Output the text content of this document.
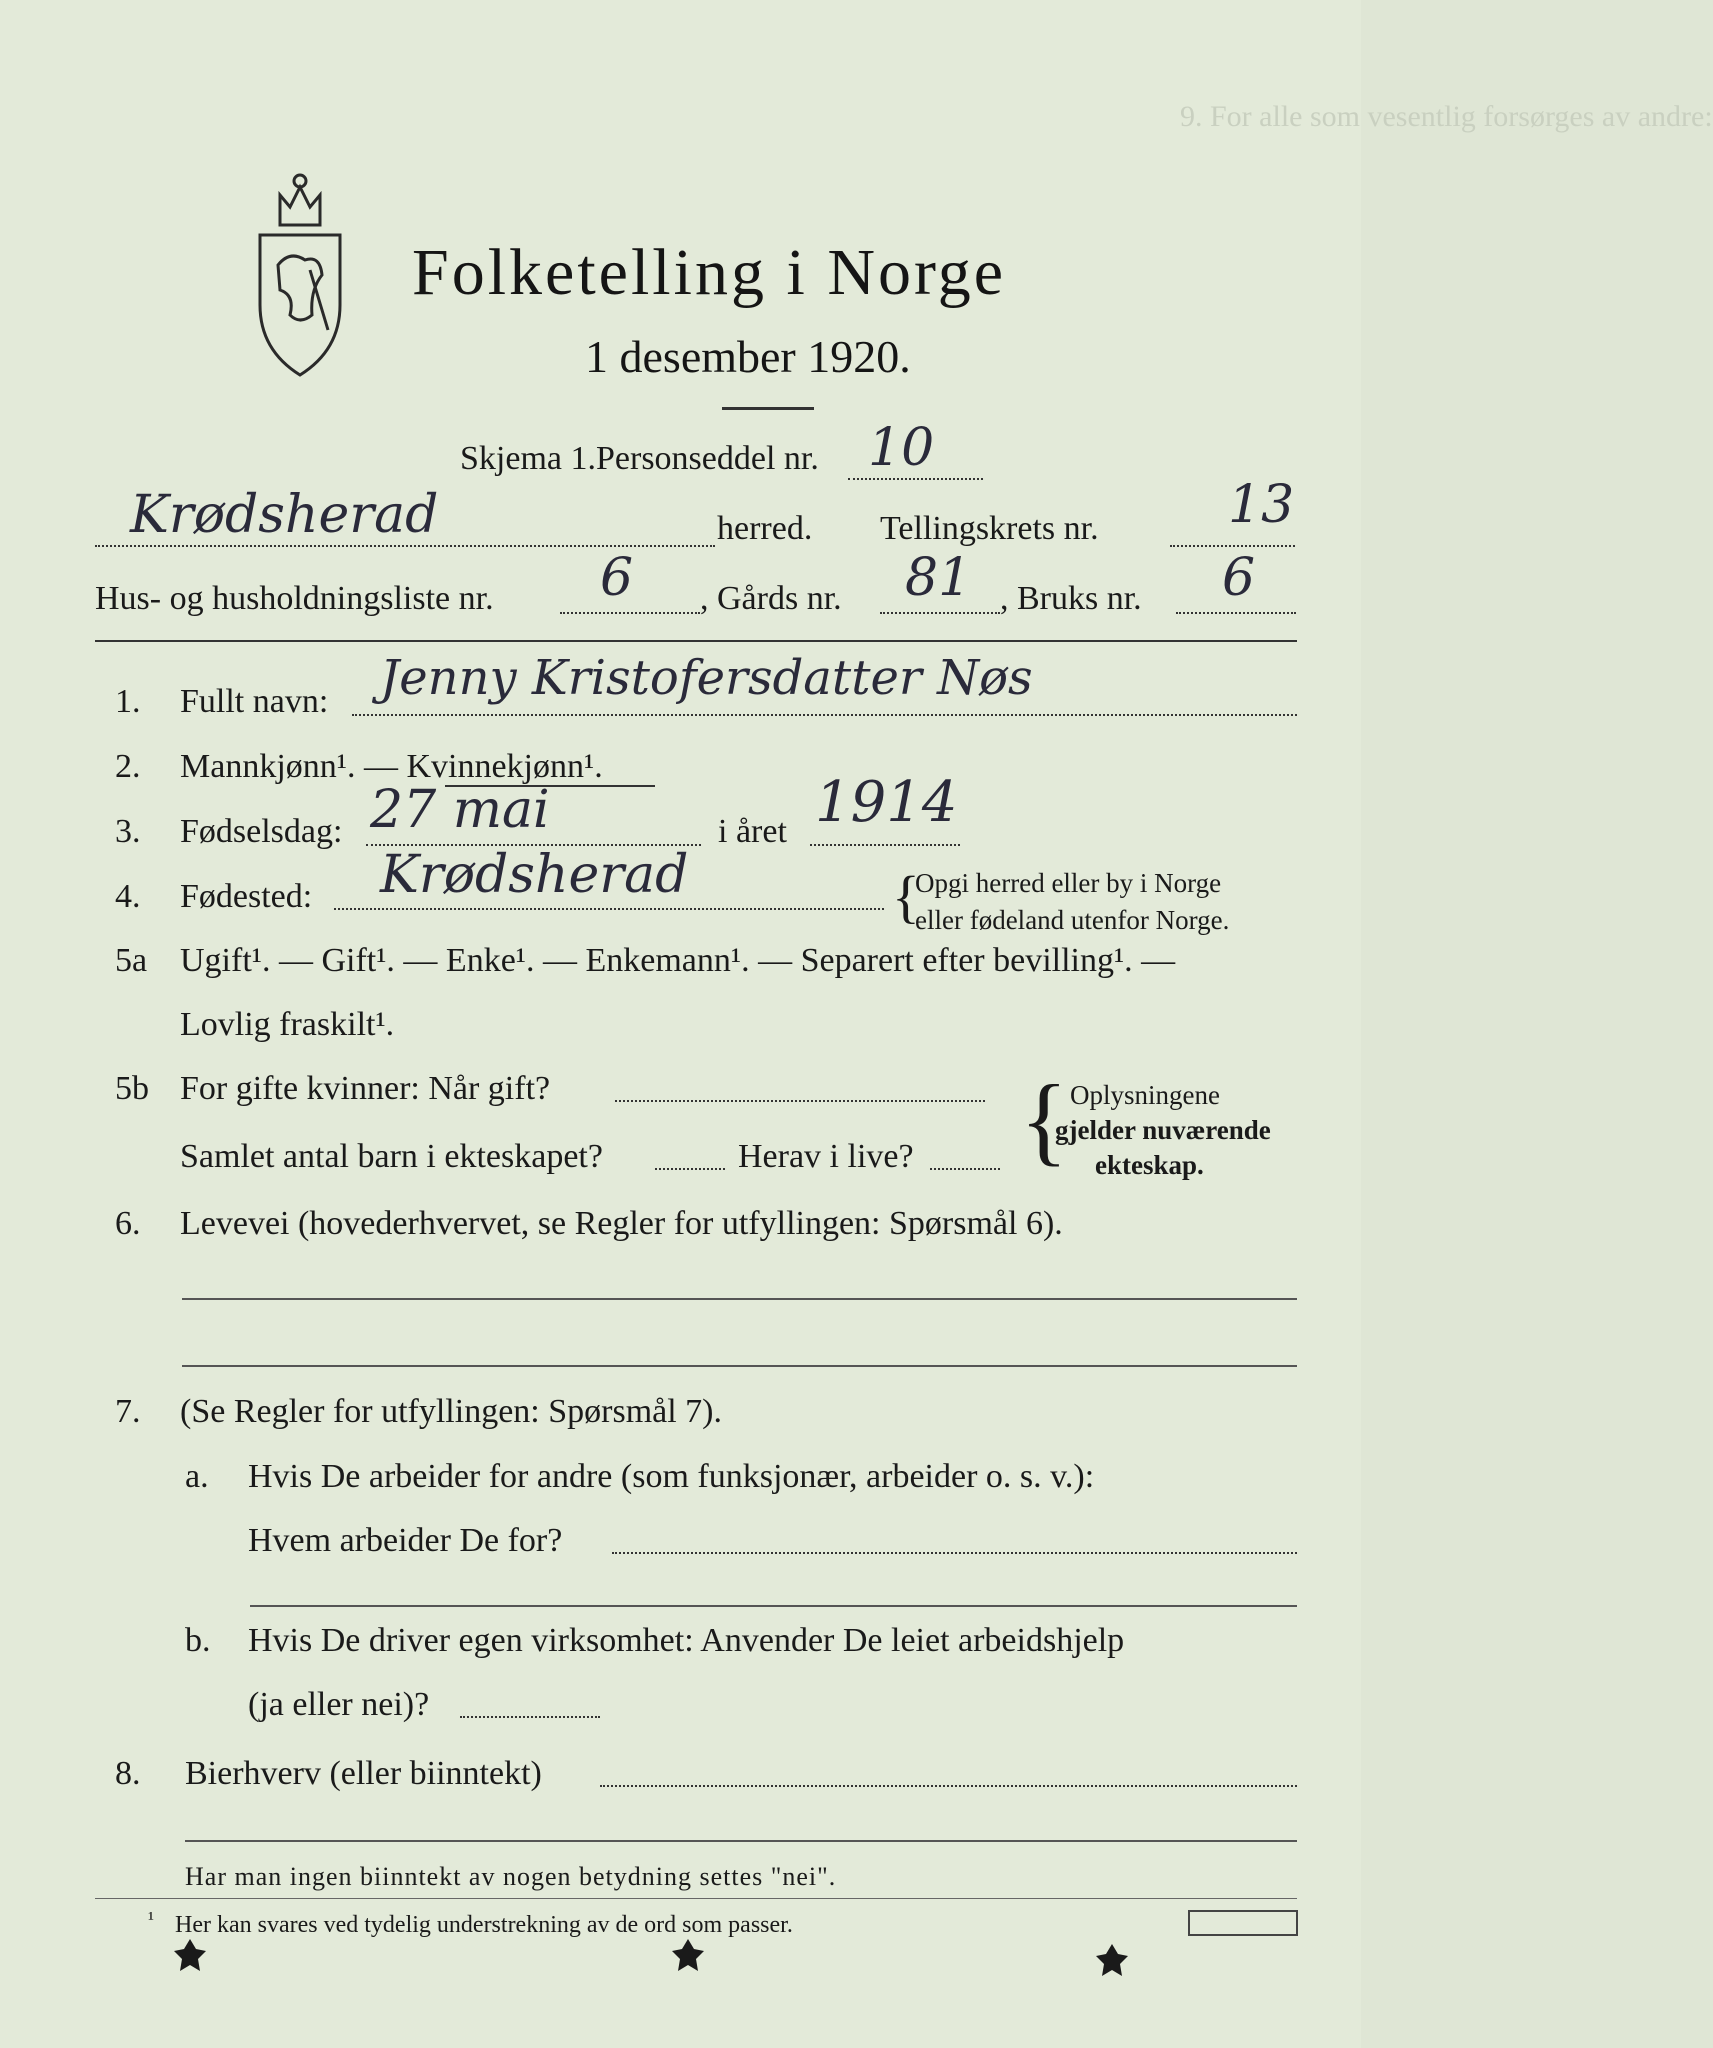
9. For alle som vesentlig forsørges av andre:
Folketelling i Norge
1 desember 1920.
Skjema 1. Personseddel nr. 10
Krødsherad	herred. Tellingskrets nr. 13
Hus- og husholdningsliste nr. 6 , Gårds nr. 81 , Bruks nr. 6
1. Fullt navn: Jenny Kristofersdatter Nøs
2. Mannkjønn¹. — Kvinnekjønn¹.
3. Fødselsdag: 27 mai	i året 1914
4. Fødested: Krødsherad	{
Opgi herred eller by i Norge
eller fødeland utenfor Norge.
5a Ugift¹. — Gift¹. — Enke¹. — Enkemann¹. — Separert efter bevilling¹. —
Lovlig fraskilt¹.
5b For gifte kvinner: Når gift?
Samlet antal barn i ekteskapet?	Herav i live? { Oplysningene
gjelder nuværende
ekteskap.
6. Levevei (hovederhvervet, se Regler for utfyllingen: Spørsmål 6).
7. (Se Regler for utfyllingen: Spørsmål 7).
a. Hvis De arbeider for andre (som funksjonær, arbeider o. s. v.):
Hvem arbeider De for?
b. Hvis De driver egen virksomhet: Anvender De leiet arbeidshjelp
(ja eller nei)?
8. Bierhverv (eller biinntekt)
Har man ingen biinntekt av nogen betydning settes "nei".
¹ Her kan svares ved tydelig understrekning av de ord som passer.
